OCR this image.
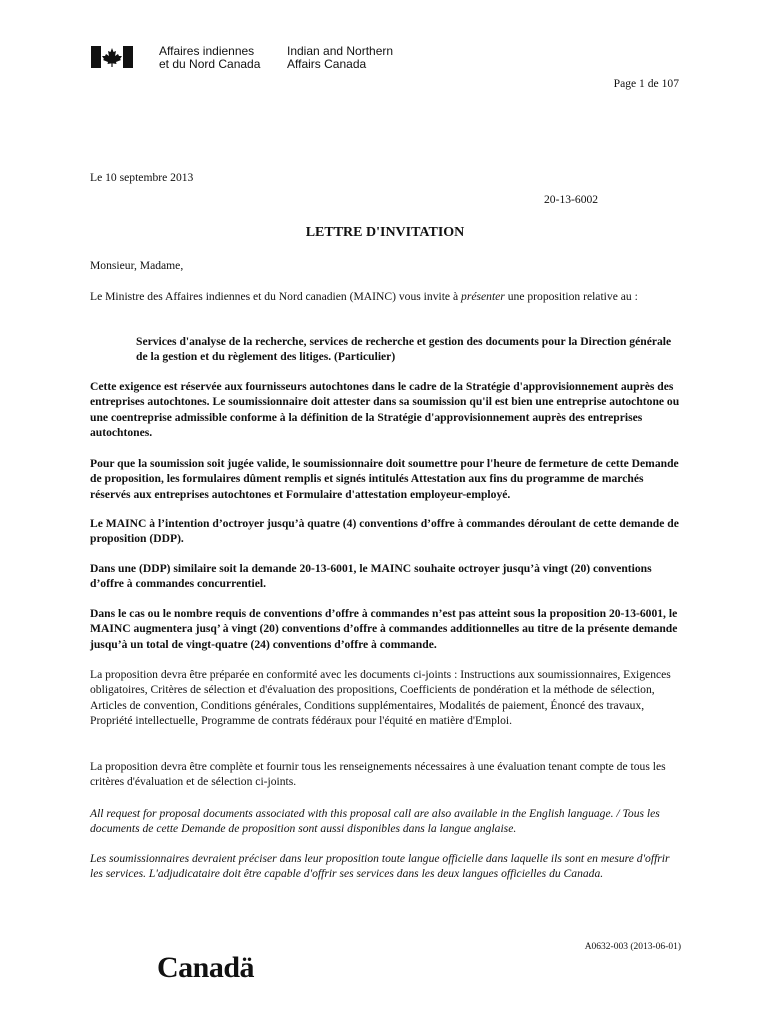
Affaires indiennes
et du Nord Canada
Indian and Northern
Affairs Canada
Page 1 de 107
Le 10 septembre 2013
20-13-6002
LETTRE D'INVITATION
Monsieur, Madame,

Le Ministre des Affaires indiennes et du Nord canadien (MAINC) vous invite à présenter une proposition relative au :

Services d'analyse de la recherche, services de recherche et gestion des documents pour la Direction générale de la gestion et du règlement des litiges. (Particulier)

Cette exigence est réservée aux fournisseurs autochtones dans le cadre de la Stratégie d'approvisionnement auprès des entreprises autochtones. Le soumissionnaire doit attester dans sa soumission qu'il est bien une entreprise autochtone ou une coentreprise admissible conforme à la définition de la Stratégie d'approvisionnement auprès des entreprises autochtones.

Pour que la soumission soit jugée valide, le soumissionnaire doit soumettre pour l'heure de fermeture de cette Demande de proposition, les formulaires dûment remplis et signés intitulés Attestation aux fins du programme de marchés réservés aux entreprises autochtones et Formulaire d'attestation employeur-employé.

Le MAINC à l’intention d’octroyer jusqu’à quatre (4) conventions d’offre à commandes déroulant de cette demande de proposition (DDP).

Dans une (DDP) similaire soit la demande 20-13-6001, le MAINC souhaite octroyer jusqu’à vingt (20) conventions d’offre à commandes concurrentiel.

Dans le cas ou le nombre requis de conventions d’offre à commandes n’est pas atteint sous la proposition 20-13-6001, le MAINC augmentera jusq’ à vingt (20) conventions d’offre à commandes additionnelles au titre de la présente demande jusqu’à un total de vingt-quatre (24) conventions d’offre à commande.

La proposition devra être préparée en conformité avec les documents ci-joints : Instructions aux soumissionnaires, Exigences obligatoires, Critères de sélection et d'évaluation des propositions, Coefficients de pondération et la méthode de sélection, Articles de convention, Conditions générales, Conditions supplémentaires, Modalités de paiement, Énoncé des travaux, Propriété intellectuelle, Programme de contrats fédéraux pour l'équité en matière d'Emploi.

La proposition devra être complète et fournir tous les renseignements nécessaires à une évaluation tenant compte de tous les critères d'évaluation et de sélection ci-joints.

All request for proposal documents associated with this proposal call are also available in the English language. / Tous les documents de cette Demande de proposition sont aussi disponibles dans la langue anglaise.

Les soumissionnaires devraient préciser dans leur proposition toute langue officielle dans laquelle ils sont en mesure d'offrir les services. L'adjudicataire doit être capable d'offrir ses services dans les deux langues officielles du Canada.

A0632-003 (2013-06-01)
Canadä
